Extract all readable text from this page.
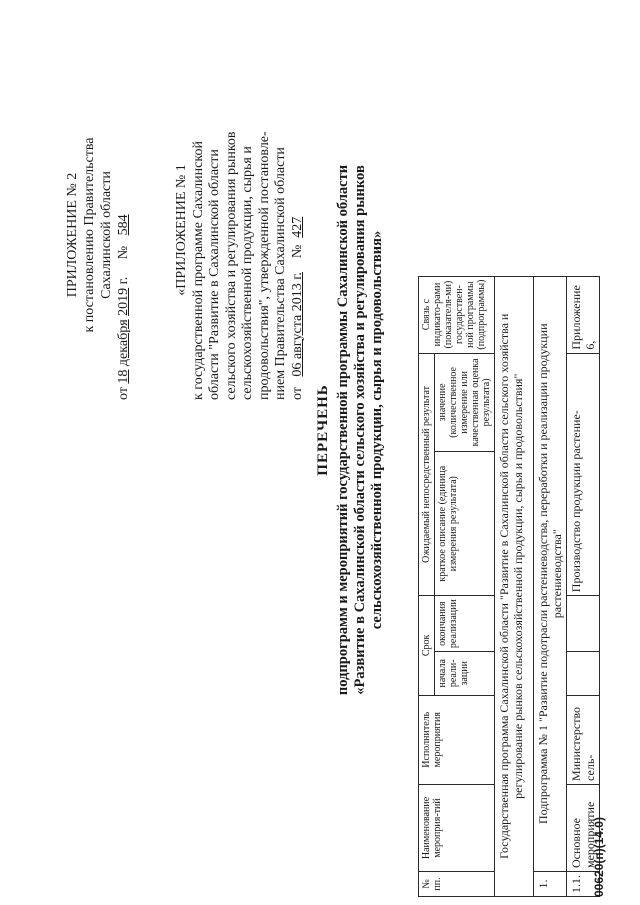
ПРИЛОЖЕНИЕ № 2 к постановлению Правительства Сахалинской области
от 18 декабря 2019 г.     №   584	«ПРИЛОЖЕНИЕ № 1 к государственной программе Сахалинской области "Развитие в Сахалинской области сельского хозяйства и регулирования рынков сельскохозяйственной продукции, сырья и продовольствия", утвержденной постановле- нием Правительства Сахалинской области от   06 августа 2013 г.    №  427
ПЕРЕЧЕНЬ подпрограмм и мероприятий государственной программы Сахалинской области «Развитие в Сахалинской области сельского хозяйства и регулирования рынков сельскохозяйственной продукции, сырья и продовольствия»
№ пп.	Наименование мероприя-тий	Исполнитель мероприятия	Срок		Ожидаемый непосредственный результат		Связь с индикато-рами (показателя-ми) государствен-ной программы (подпрограммы)	
			начала реали-зации	окончания реализации	краткое описание (единица измерения результата)	значение (количественное измерение или качественная оценка результата)		
Государственная программа Сахалинской области "Развитие в Сахалинской области сельского хозяйства и регулирование рынков сельскохозяйственной продукции, сырья и продовольствия"								
1.	Подпрограмма № 1 "Развитие подотрасли растениеводства, переработки и реализации продукции растениеводства"							
1.1.	Основное мероприятие	Министерство сель-			Производство продукции растение-		Приложение 6,	
00620(п)(14.0)
